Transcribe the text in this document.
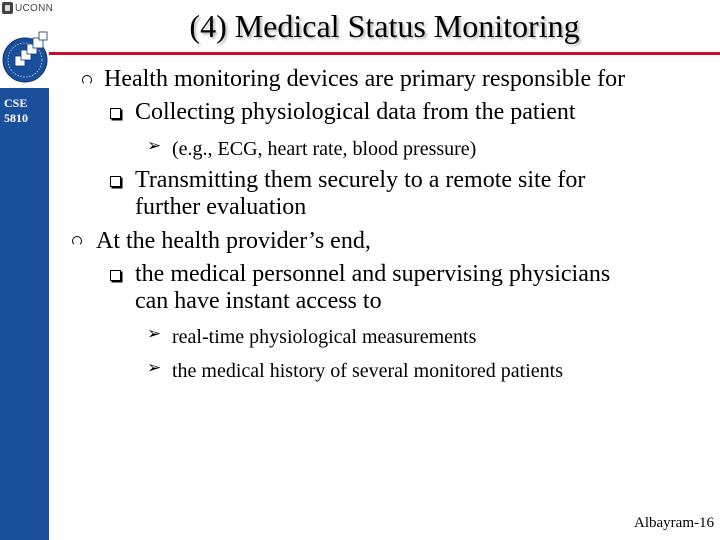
UCONN
CSE 5810
(4) Medical Status Monitoring
Health monitoring devices are primary responsible for
Collecting physiological data from the patient
➢ (e.g., ECG, heart rate, blood pressure)
Transmitting them securely to a remote site for
further evaluation
At the health provider’s end,
the medical personnel and supervising physicians
can have instant access to
➢ real-time physiological measurements
➢ the medical history of several monitored patients
Albayram-16
